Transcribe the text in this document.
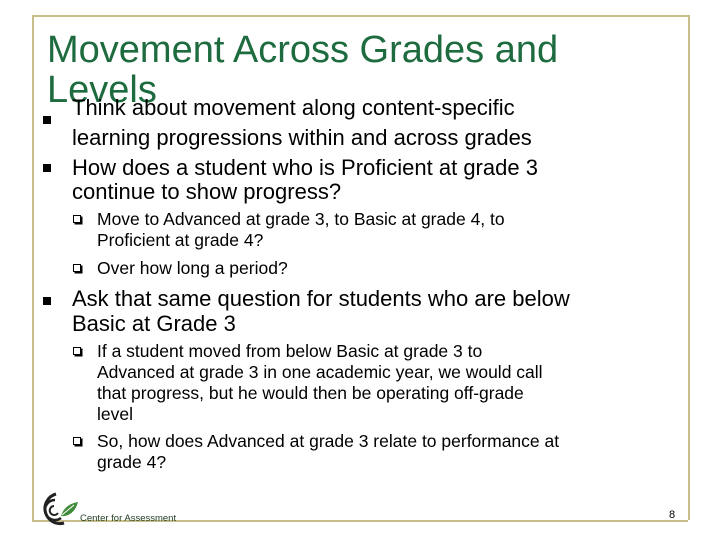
Movement Across Grades and
Levels
Think about movement along content-specific
learning progressions within and across grades
How does a student who is Proficient at grade 3
continue to show progress?
Move to Advanced at grade 3, to Basic at grade 4, to
Proficient at grade 4?
Over how long a period?
Ask that same question for students who are below
Basic at Grade 3
If a student moved from below Basic at grade 3 to
Advanced at grade 3 in one academic year, we would call
that progress, but he would then be operating off-grade
level
So, how does Advanced at grade 3 relate to performance at
grade 4?
Center for Assessment	8
